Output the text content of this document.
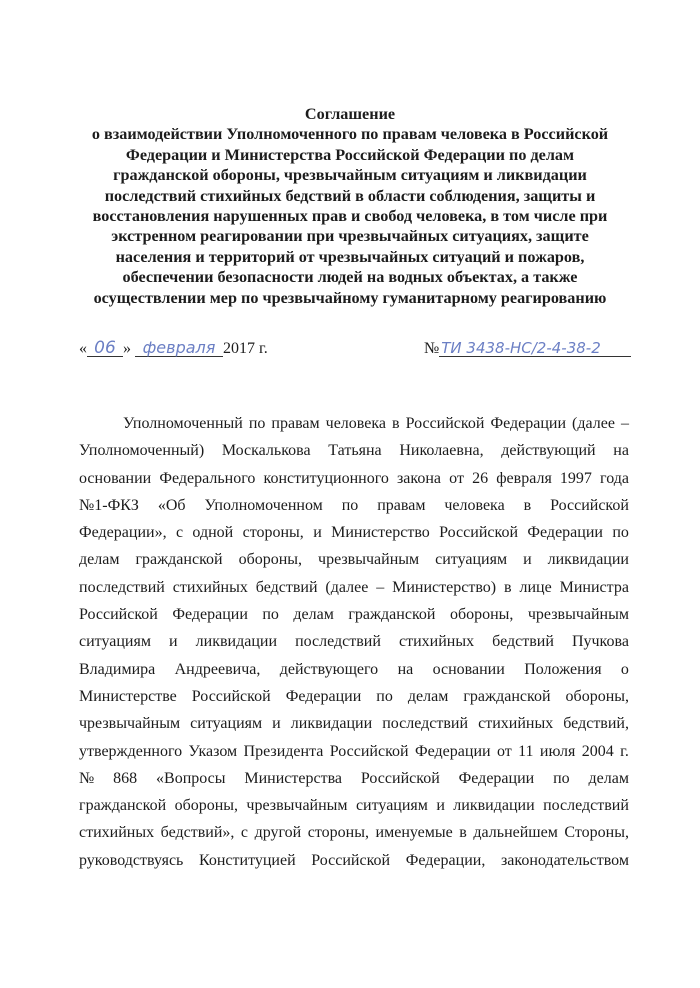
Соглашение
о взаимодействии Уполномоченного по правам человека в Российской
Федерации и Министерства Российской Федерации по делам
гражданской обороны, чрезвычайным ситуациям и ликвидации
последствий стихийных бедствий в области соблюдения, защиты и
восстановления нарушенных прав и свобод человека, в том числе при
экстренном реагировании при чрезвычайных ситуациях, защите
населения и территорий от чрезвычайных ситуаций и пожаров,
обеспечении безопасности людей на водных объектах, а также
осуществлении мер по чрезвычайному гуманитарному реагированию
« 06 » февраля 2017 г.	№ ТИ 3438-НС/2-4-38-2
Уполномоченный по правам человека в Российской Федерации (далее –
Уполномоченный) Москалькова Татьяна Николаевна, действующий на
основании Федерального конституционного закона от 26 февраля 1997 года
№1-ФКЗ «Об Уполномоченном по правам человека в Российской
Федерации», с одной стороны, и Министерство Российской Федерации по
делам гражданской обороны, чрезвычайным ситуациям и ликвидации
последствий стихийных бедствий (далее – Министерство) в лице Министра
Российской Федерации по делам гражданской обороны, чрезвычайным
ситуациям и ликвидации последствий стихийных бедствий Пучкова
Владимира Андреевича, действующего на основании Положения о
Министерстве Российской Федерации по делам гражданской обороны,
чрезвычайным ситуациям и ликвидации последствий стихийных бедствий,
утвержденного Указом Президента Российской Федерации от 11 июля 2004 г.
№ 868 «Вопросы Министерства Российской Федерации по делам
гражданской обороны, чрезвычайным ситуациям и ликвидации последствий
стихийных бедствий», с другой стороны, именуемые в дальнейшем Стороны,
руководствуясь Конституцией Российской Федерации, законодательством
